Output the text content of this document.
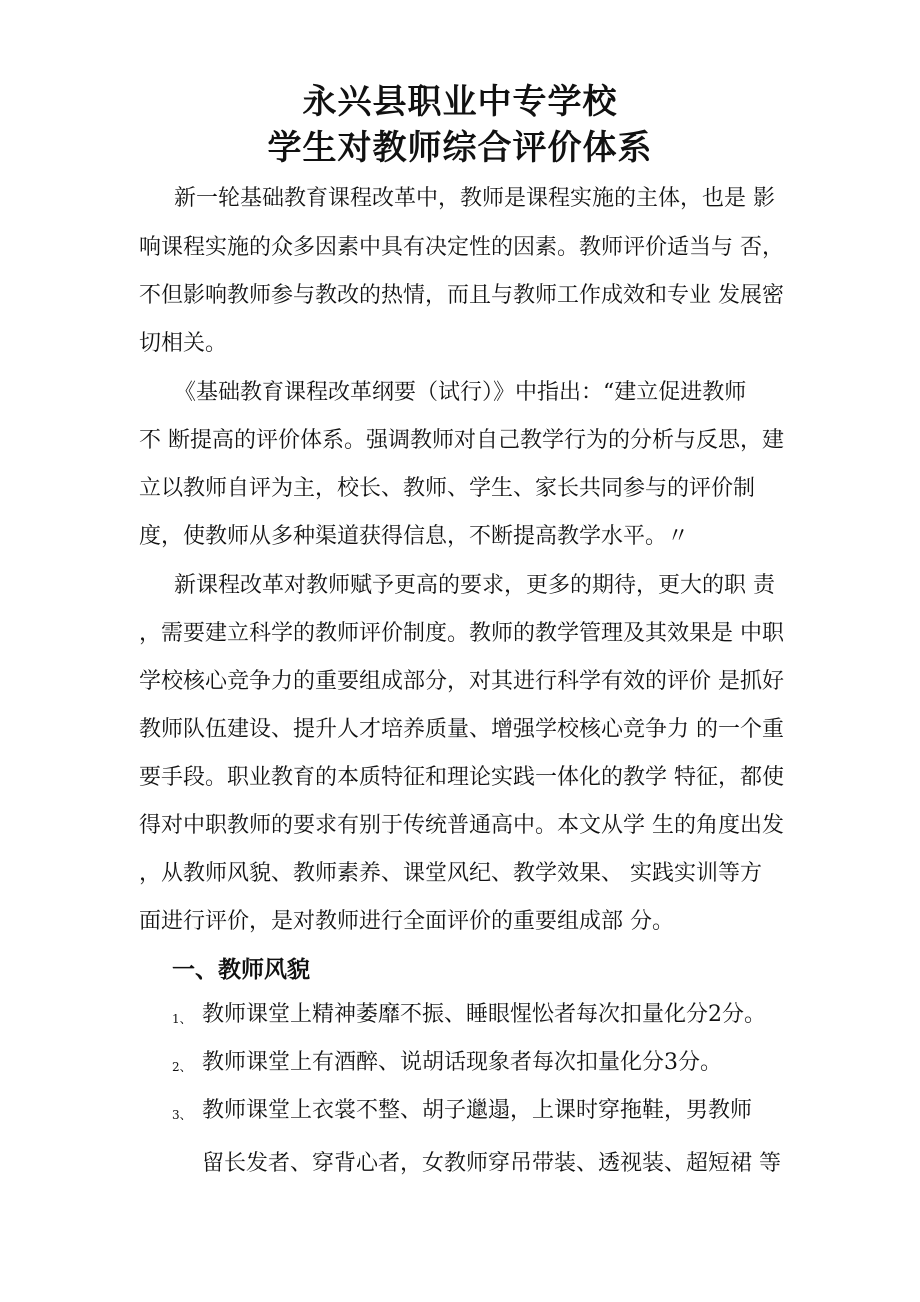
永兴县职业中专学校
学生对教师综合评价体系
新一轮基础教育课程改革中，教师是课程实施的主体，也是 影
响课程实施的众多因素中具有决定性的因素。教师评价适当与 否，
不但影响教师参与教改的热情，而且与教师工作成效和专业 发展密
切相关。
《基础教育课程改革纲要（试行）》中指出：“建立促进教师
不 断提高的评价体系。强调教师对自己教学行为的分析与反思，建
立以教师自评为主，校长、教师、学生、家长共同参与的评价制
度，使教师从多种渠道获得信息，不断提高教学水平。〃
新课程改革对教师赋予更高的要求，更多的期待，更大的职 责
，需要建立科学的教师评价制度。教师的教学管理及其效果是 中职
学校核心竞争力的重要组成部分，对其进行科学有效的评价 是抓好
教师队伍建设、提升人才培养质量、增强学校核心竞争力 的一个重
要手段。职业教育的本质特征和理论实践一体化的教学 特征，都使
得对中职教师的要求有别于传统普通高中。本文从学 生的角度出发
，从教师风貌、教师素养、课堂风纪、教学效果、 实践实训等方
面进行评价，是对教师进行全面评价的重要组成部 分。
一、教师风貌
1、 教师课堂上精神萎靡不振、睡眼惺忪者每次扣量化分2分。
2、 教师课堂上有酒醉、说胡话现象者每次扣量化分3分。
3、 教师课堂上衣裳不整、胡子邋遢，上课时穿拖鞋，男教师
留长发者、穿背心者，女教师穿吊带装、透视装、超短裙 等
